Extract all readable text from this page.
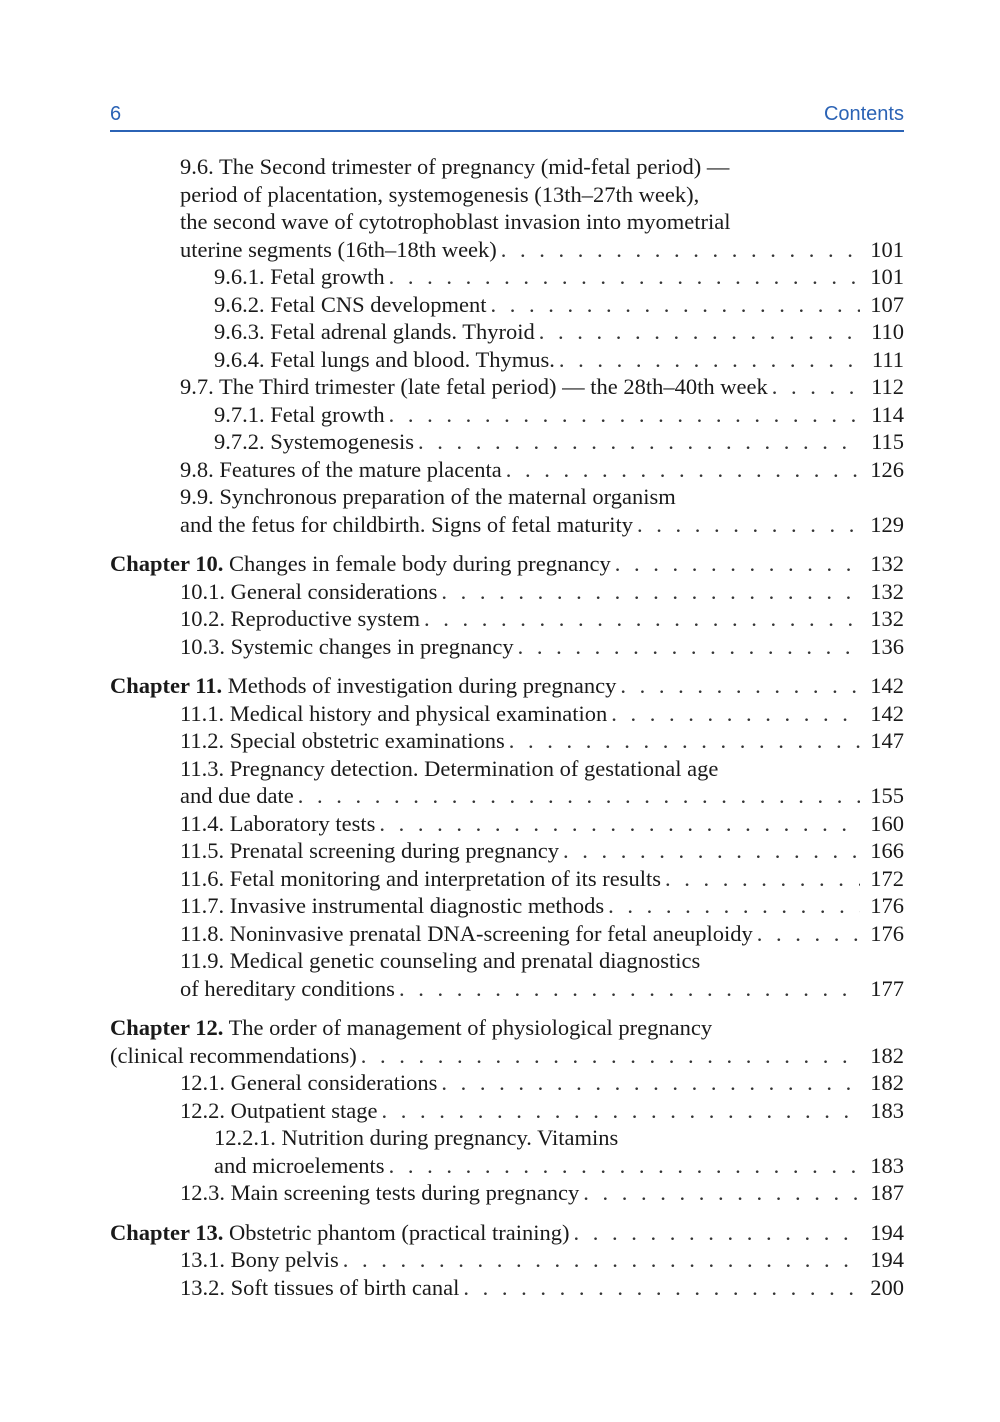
6	Contents
9.6. The Second trimester of pregnancy (mid-fetal period) —
period of placentation, systemogenesis (13th–27th week),
the second wave of cytotrophoblast invasion into myometrial
uterine segments (16th–18th week) . . .	101
9.6.1. Fetal growth . . .	101
9.6.2. Fetal CNS development . . .	107
9.6.3. Fetal adrenal glands. Thyroid . . .	110
9.6.4. Fetal lungs and blood. Thymus. . . .	111
9.7. The Third trimester (late fetal period) — the 28th–40th week . . .	112
9.7.1. Fetal growth . . .	114
9.7.2. Systemogenesis . . .	115
9.8. Features of the mature placenta . . .	126
9.9. Synchronous preparation of the maternal organism
and the fetus for childbirth. Signs of fetal maturity . . .	129
Chapter 10. Changes in female body during pregnancy . . .	132
10.1. General considerations . . .	132
10.2. Reproductive system . . .	132
10.3. Systemic changes in pregnancy . . .	136
Chapter 11. Methods of investigation during pregnancy . . .	142
11.1. Medical history and physical examination . . .	142
11.2. Special obstetric examinations . . .	147
11.3. Pregnancy detection. Determination of gestational age
and due date . . .	155
11.4. Laboratory tests . . .	160
11.5. Prenatal screening during pregnancy . . .	166
11.6. Fetal monitoring and interpretation of its results . . .	172
11.7. Invasive instrumental diagnostic methods . . .	176
11.8. Noninvasive prenatal DNA-screening for fetal aneuploidy . . .	176
11.9. Medical genetic counseling and prenatal diagnostics
of hereditary conditions . . .	177
Chapter 12. The order of management of physiological pregnancy
(clinical recommendations) . . .	182
12.1. General considerations . . .	182
12.2. Outpatient stage . . .	183
12.2.1. Nutrition during pregnancy. Vitamins
and microelements . . .	183
12.3. Main screening tests during pregnancy . . .	187
Chapter 13. Obstetric phantom (practical training) . . .	194
13.1. Bony pelvis . . .	194
13.2. Soft tissues of birth canal . . .	200
